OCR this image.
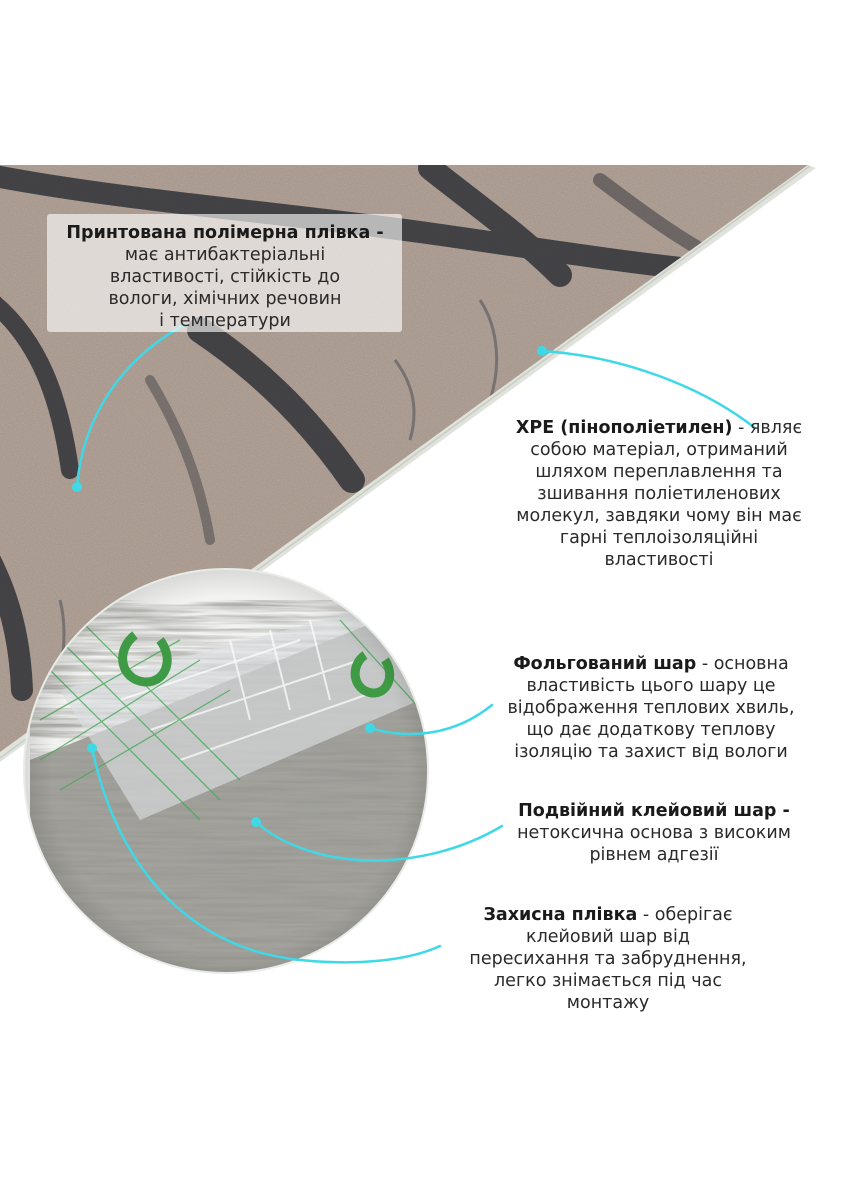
Принтована полімерна плівка -
має антибактеріальні
властивості, стійкість до
вологи, хімічних речовин
і температури
XPE (пінополіетилен) - являє
собою матеріал, отриманий
шляхом переплавлення та
зшивання поліетиленових
молекул, завдяки чому він має
гарні теплоізоляційні
властивості
Фольгований шар - основна
властивість цього шару це
відображення теплових хвиль,
що дає додаткову теплову
ізоляцію та захист від вологи
Подвійний клейовий шар -
нетоксична основа з високим
рівнем адгезії
Захисна плівка - оберігає
клейовий шар від
пересихання та забруднення,
легко знімається під час
монтажу
